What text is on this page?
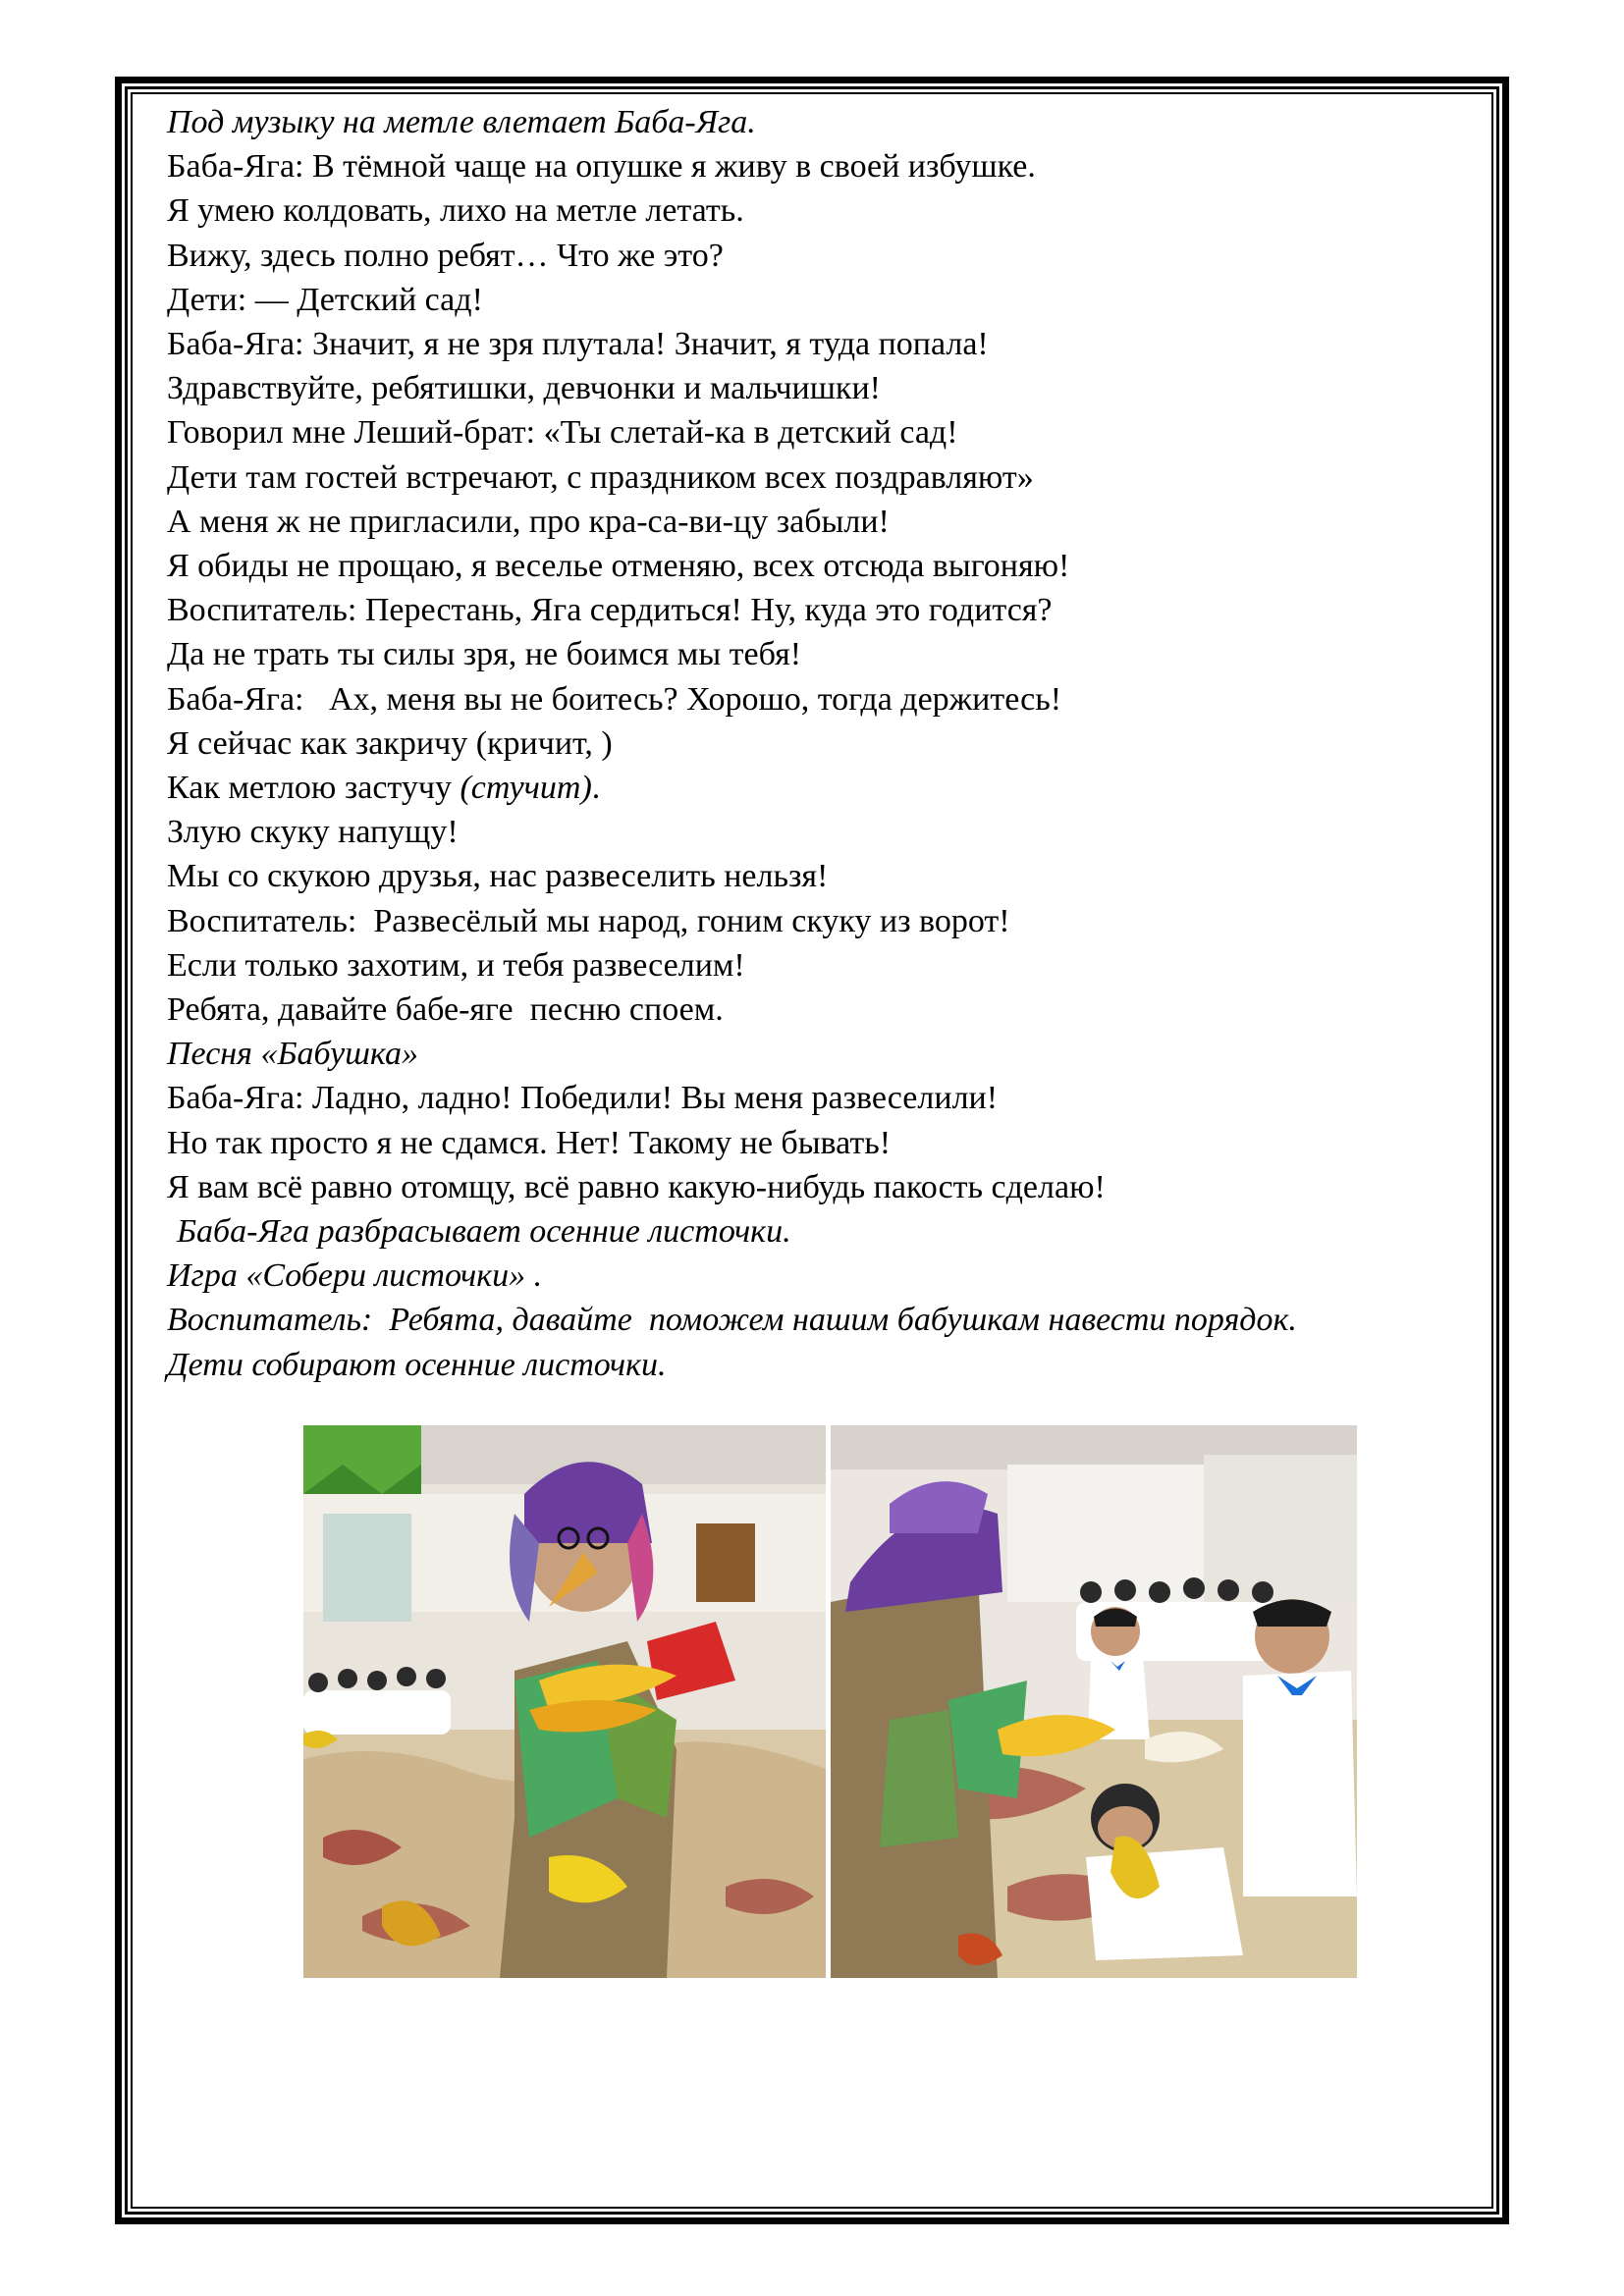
Под музыку на метле влетает Баба-Яга.
Баба-Яга: В тёмной чаще на опушке я живу в своей избушке.
Я умею колдовать, лихо на метле летать.
Вижу, здесь полно ребят… Что же это?
Дети: — Детский сад!
Баба-Яга: Значит, я не зря плутала! Значит, я туда попала!
Здравствуйте, ребятишки, девчонки и мальчишки!
Говорил мне Леший-брат: «Ты слетай-ка в детский сад!
Дети там гостей встречают, с праздником всех поздравляют»
А меня ж не пригласили, про кра-са-ви-цу забыли!
Я обиды не прощаю, я веселье отменяю, всех отсюда выгоняю!
Воспитатель: Перестань, Яга сердиться! Ну, куда это годится?
Да не трать ты силы зря, не боимся мы тебя!
Баба-Яга:   Ах, меня вы не боитесь? Хорошо, тогда держитесь!
Я сейчас как закричу (кричит, )
Как метлою застучу (стучит).
Злую скуку напущу!
Мы со скукою друзья, нас развеселить нельзя!
Воспитатель:  Развесёлый мы народ, гоним скуку из ворот!
Если только захотим, и тебя развеселим!
Ребята, давайте бабе-яге  песню споем.
Песня «Бабушка»
Баба-Яга: Ладно, ладно! Победили! Вы меня развеселили!
Но так просто я не сдамся. Нет! Такому не бывать!
Я вам всё равно отомщу, всё равно какую-нибудь пакость сделаю!
Баба-Яга разбрасывает осенние листочки.
Игра «Собери листочки» .
Воспитатель:  Ребята, давайте  поможем нашим бабушкам навести порядок.
Дети собирают осенние листочки.
